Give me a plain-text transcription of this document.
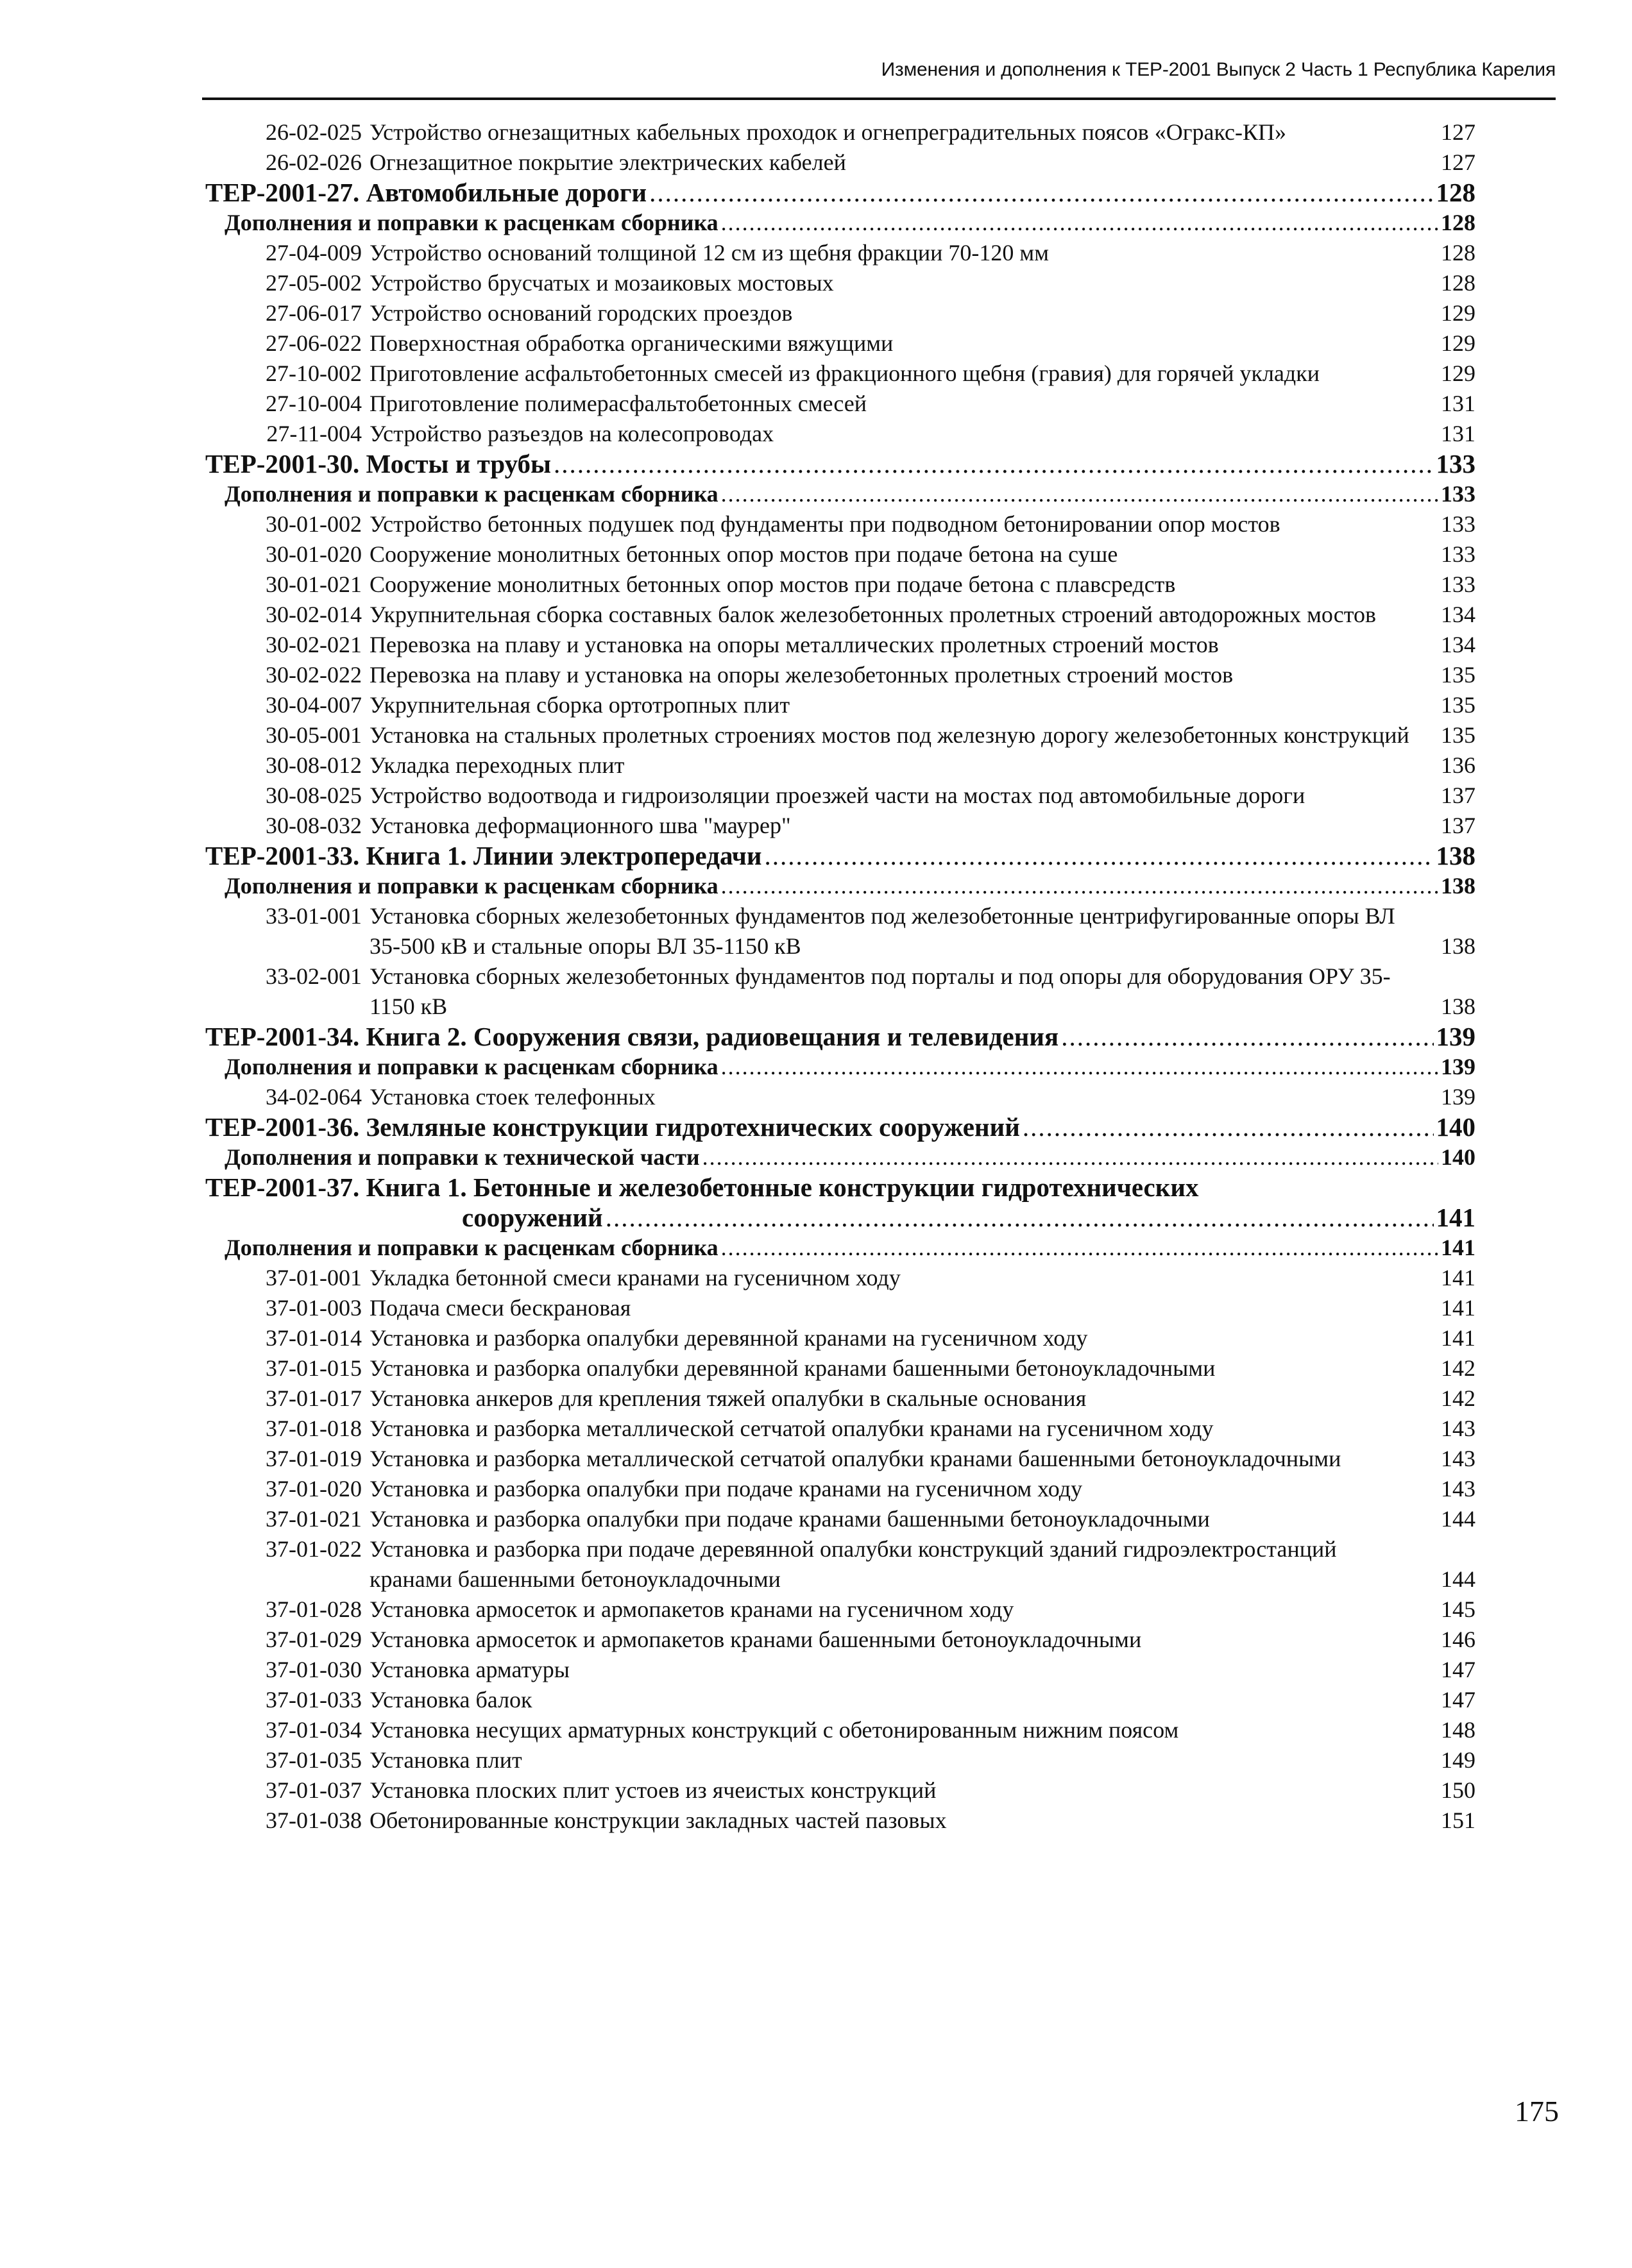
Изменения и дополнения к ТЕР-2001 Выпуск 2 Часть 1 Республика Карелия
26-02-025 Устройство огнезащитных кабельных проходок и огнепреградительных поясов «Огракс-КП»	127
26-02-026 Огнезащитное покрытие электрических кабелей	127
ТЕР-2001-27. Автомобильные дороги .....	128
Дополнения и поправки к расценкам сборника .....	128
27-04-009 Устройство оснований толщиной 12 см из щебня фракции 70-120 мм	128
27-05-002 Устройство брусчатых и мозаиковых мостовых	128
27-06-017 Устройство оснований городских проездов	129
27-06-022 Поверхностная обработка органическими вяжущими	129
27-10-002 Приготовление асфальтобетонных смесей из фракционного щебня (гравия) для горячей укладки	129
27-10-004 Приготовление полимерасфальтобетонных смесей	131
27-11-004 Устройство разъездов на колесопроводах	131
ТЕР-2001-30. Мосты и трубы .....	133
Дополнения и поправки к расценкам сборника .....	133
30-01-002 Устройство бетонных подушек под фундаменты при подводном бетонировании опор мостов	133
30-01-020 Сооружение монолитных бетонных опор мостов при подаче бетона на суше	133
30-01-021 Сооружение монолитных бетонных опор мостов при подаче бетона с плавсредств	133
30-02-014 Укрупнительная сборка составных балок железобетонных пролетных строений автодорожных мостов	134
30-02-021 Перевозка на плаву и установка на опоры металлических пролетных строений мостов	134
30-02-022 Перевозка на плаву и установка на опоры железобетонных пролетных строений мостов	135
30-04-007 Укрупнительная сборка ортотропных плит	135
30-05-001 Установка на стальных пролетных строениях мостов под железную дорогу железобетонных конструкций	135
30-08-012 Укладка переходных плит	136
30-08-025 Устройство водоотвода и гидроизоляции проезжей части на мостах под автомобильные дороги	137
30-08-032 Установка деформационного шва "маурер"	137
ТЕР-2001-33. Книга 1. Линии электропередачи .....	138
Дополнения и поправки к расценкам сборника .....	138
33-01-001 Установка сборных железобетонных фундаментов под железобетонные центрифугированные опоры ВЛ 35-500 кВ и стальные опоры ВЛ 35-1150 кВ	138
33-02-001 Установка сборных железобетонных фундаментов под порталы и под опоры для оборудования ОРУ 35-1150 кВ	138
ТЕР-2001-34. Книга 2. Сооружения связи, радиовещания и телевидения .....	139
Дополнения и поправки к расценкам сборника .....	139
34-02-064 Установка стоек телефонных	139
ТЕР-2001-36. Земляные конструкции гидротехнических сооружений .....	140
Дополнения и поправки к технической части .....	140
ТЕР-2001-37. Книга 1. Бетонные и железобетонные конструкции гидротехнических
сооружений .....	141
Дополнения и поправки к расценкам сборника .....	141
37-01-001 Укладка бетонной смеси кранами на гусеничном ходу	141
37-01-003 Подача смеси бескрановая	141
37-01-014 Установка и разборка опалубки деревянной кранами на гусеничном ходу	141
37-01-015 Установка и разборка опалубки деревянной кранами башенными бетоноукладочными	142
37-01-017 Установка анкеров для крепления тяжей опалубки в скальные основания	142
37-01-018 Установка и разборка металлической сетчатой опалубки кранами на гусеничном ходу	143
37-01-019 Установка и разборка металлической сетчатой опалубки кранами башенными бетоноукладочными	143
37-01-020 Установка и разборка опалубки при подаче кранами на гусеничном ходу	143
37-01-021 Установка и разборка опалубки при подаче кранами башенными бетоноукладочными	144
37-01-022 Установка и разборка при подаче деревянной опалубки конструкций зданий гидроэлектростанций кранами башенными бетоноукладочными	144
37-01-028 Установка армосеток и армопакетов кранами на гусеничном ходу	145
37-01-029 Установка армосеток и армопакетов кранами башенными бетоноукладочными	146
37-01-030 Установка арматуры	147
37-01-033 Установка балок	147
37-01-034 Установка несущих арматурных конструкций с обетонированным нижним поясом	148
37-01-035 Установка плит	149
37-01-037 Установка плоских плит устоев из ячеистых конструкций	150
37-01-038 Обетонированные конструкции закладных частей пазовых	151
175
